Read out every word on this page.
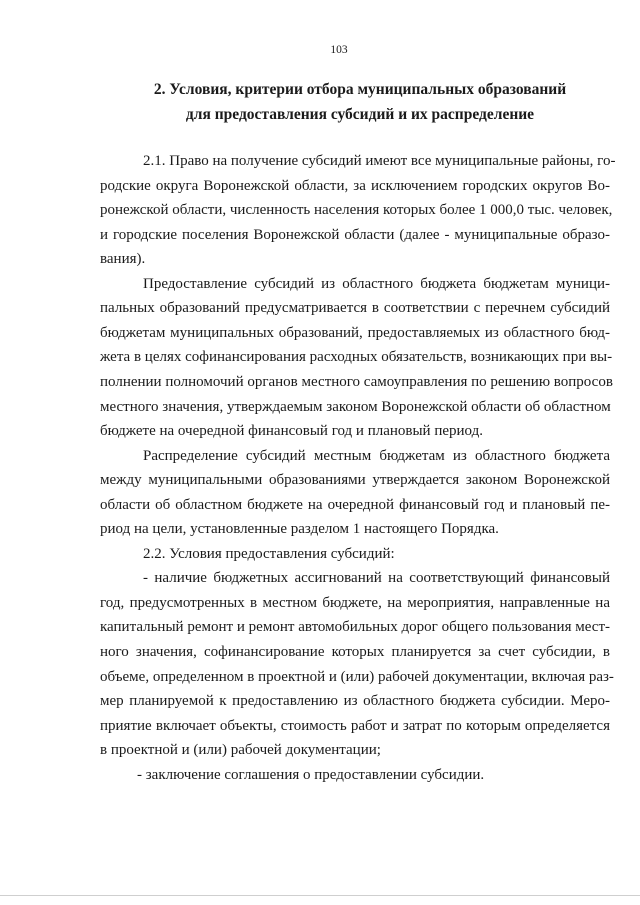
103
2. Условия, критерии отбора муниципальных образований
для предоставления субсидий и их распределение
2.1. Право на получение субсидий имеют все муниципальные районы, го-
родские округа Воронежской области, за исключением городских округов Во-
ронежской области, численность населения которых более 1 000,0 тыс. человек,
и городские поселения Воронежской области (далее - муниципальные образо-
вания).
Предоставление субсидий из областного бюджета бюджетам муници-
пальных образований предусматривается в соответствии с перечнем субсидий
бюджетам муниципальных образований, предоставляемых из областного бюд-
жета в целях софинансирования расходных обязательств, возникающих при вы-
полнении полномочий органов местного самоуправления по решению вопросов
местного значения, утверждаемым законом Воронежской области об областном
бюджете на очередной финансовый год и плановый период.
Распределение субсидий местным бюджетам из областного бюджета
между муниципальными образованиями утверждается законом Воронежской
области об областном бюджете на очередной финансовый год и плановый пе-
риод на цели, установленные разделом 1 настоящего Порядка.
2.2. Условия предоставления субсидий:
- наличие бюджетных ассигнований на соответствующий финансовый
год, предусмотренных в местном бюджете, на мероприятия, направленные на
капитальный ремонт и ремонт автомобильных дорог общего пользования мест-
ного значения, софинансирование которых планируется за счет субсидии, в
объеме, определенном в проектной и (или) рабочей документации, включая раз-
мер планируемой к предоставлению из областного бюджета субсидии. Меро-
приятие включает объекты, стоимость работ и затрат по которым определяется
в проектной и (или) рабочей документации;
- заключение соглашения о предоставлении субсидии.
